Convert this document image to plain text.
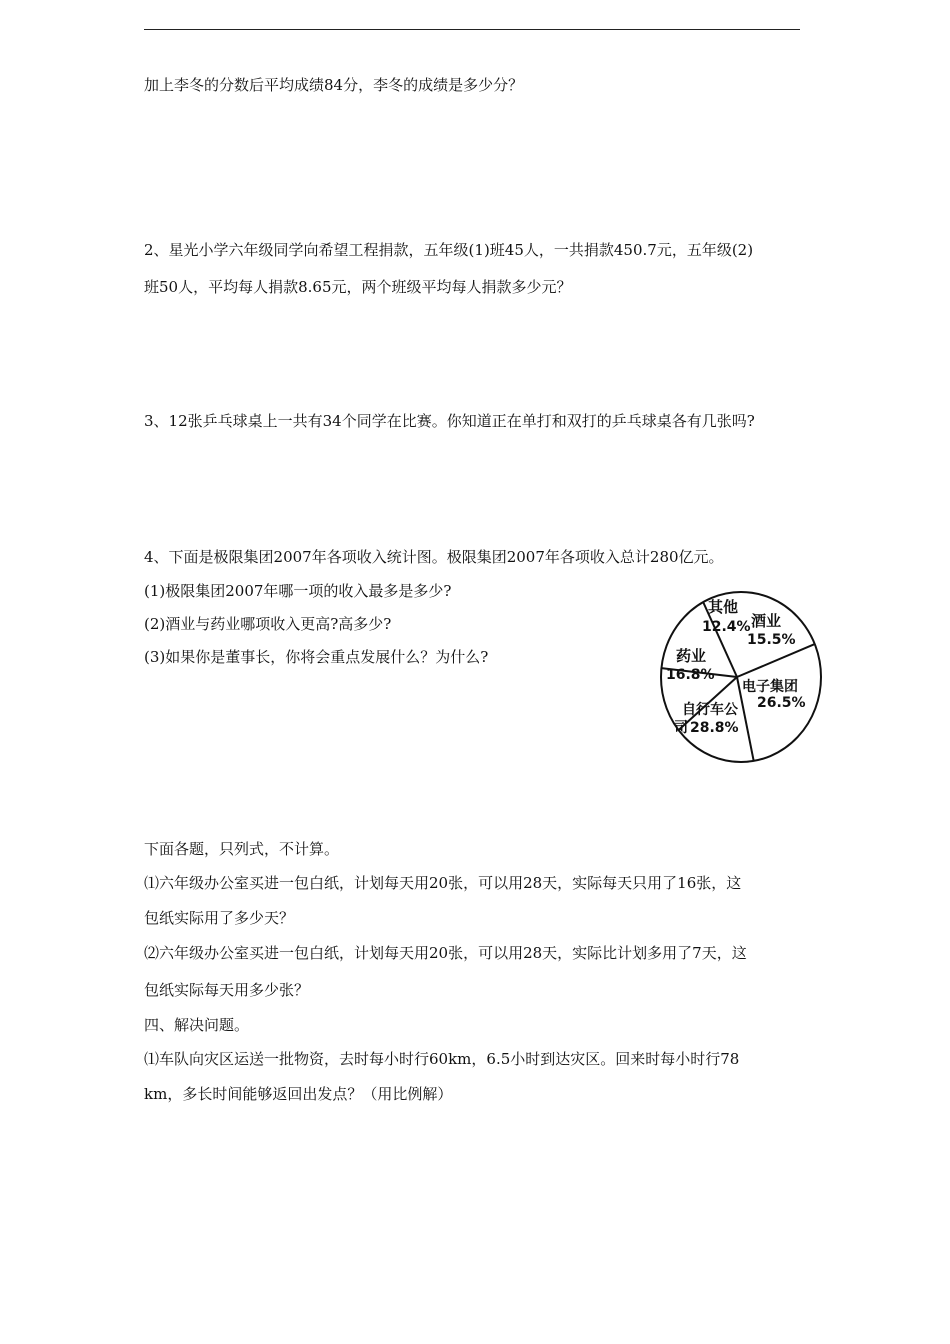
加上李冬的分数后平均成绩84分，李冬的成绩是多少分？
2、星光小学六年级同学向希望工程捐款，五年级(1)班45人，一共捐款450.7元，五年级(2)
班50人，平均每人捐款8.65元，两个班级平均每人捐款多少元？
3、12张乒乓球桌上一共有34个同学在比赛。你知道正在单打和双打的乒乓球桌各有几张吗?
4、下面是极限集团2007年各项收入统计图。极限集团2007年各项收入总计280亿元。
(1)极限集团2007年哪一项的收入最多是多少?
(2)酒业与药业哪项收入更高?高多少?
(3)如果你是董事长，你将会重点发展什么？为什么?
其他
12.4% 酒业
15.5%
药业
16.8%
电子集团
26.5%
自行车公
司 28.8%
下面各题，只列式，不计算。
⑴六年级办公室买进一包白纸，计划每天用20张，可以用28天，实际每天只用了16张，这
包纸实际用了多少天？
⑵六年级办公室买进一包白纸，计划每天用20张，可以用28天，实际比计划多用了7天，这
包纸实际每天用多少张？
四、解决问题。
⑴车队向灾区运送一批物资，去时每小时行60km，6.5小时到达灾区。回来时每小时行78
km，多长时间能够返回出发点？（用比例解）
